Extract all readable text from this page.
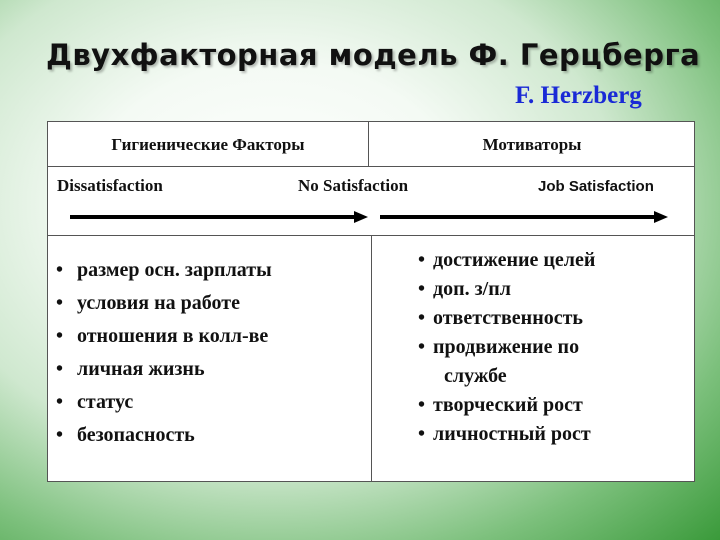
Двухфакторная модель Ф. Герцберга
F. Herzberg
Гигиенические Факторы	Мотиваторы
Dissatisfaction	No Satisfaction	Job Satisfaction
• размер осн. зарплаты
• условия на работе
• отношения в колл-ве
• личная жизнь
• статус
• безопасность
• достижение целей
• доп. з/пл
• ответственность
• продвижение по
службе
• творческий рост
• личностный рост
